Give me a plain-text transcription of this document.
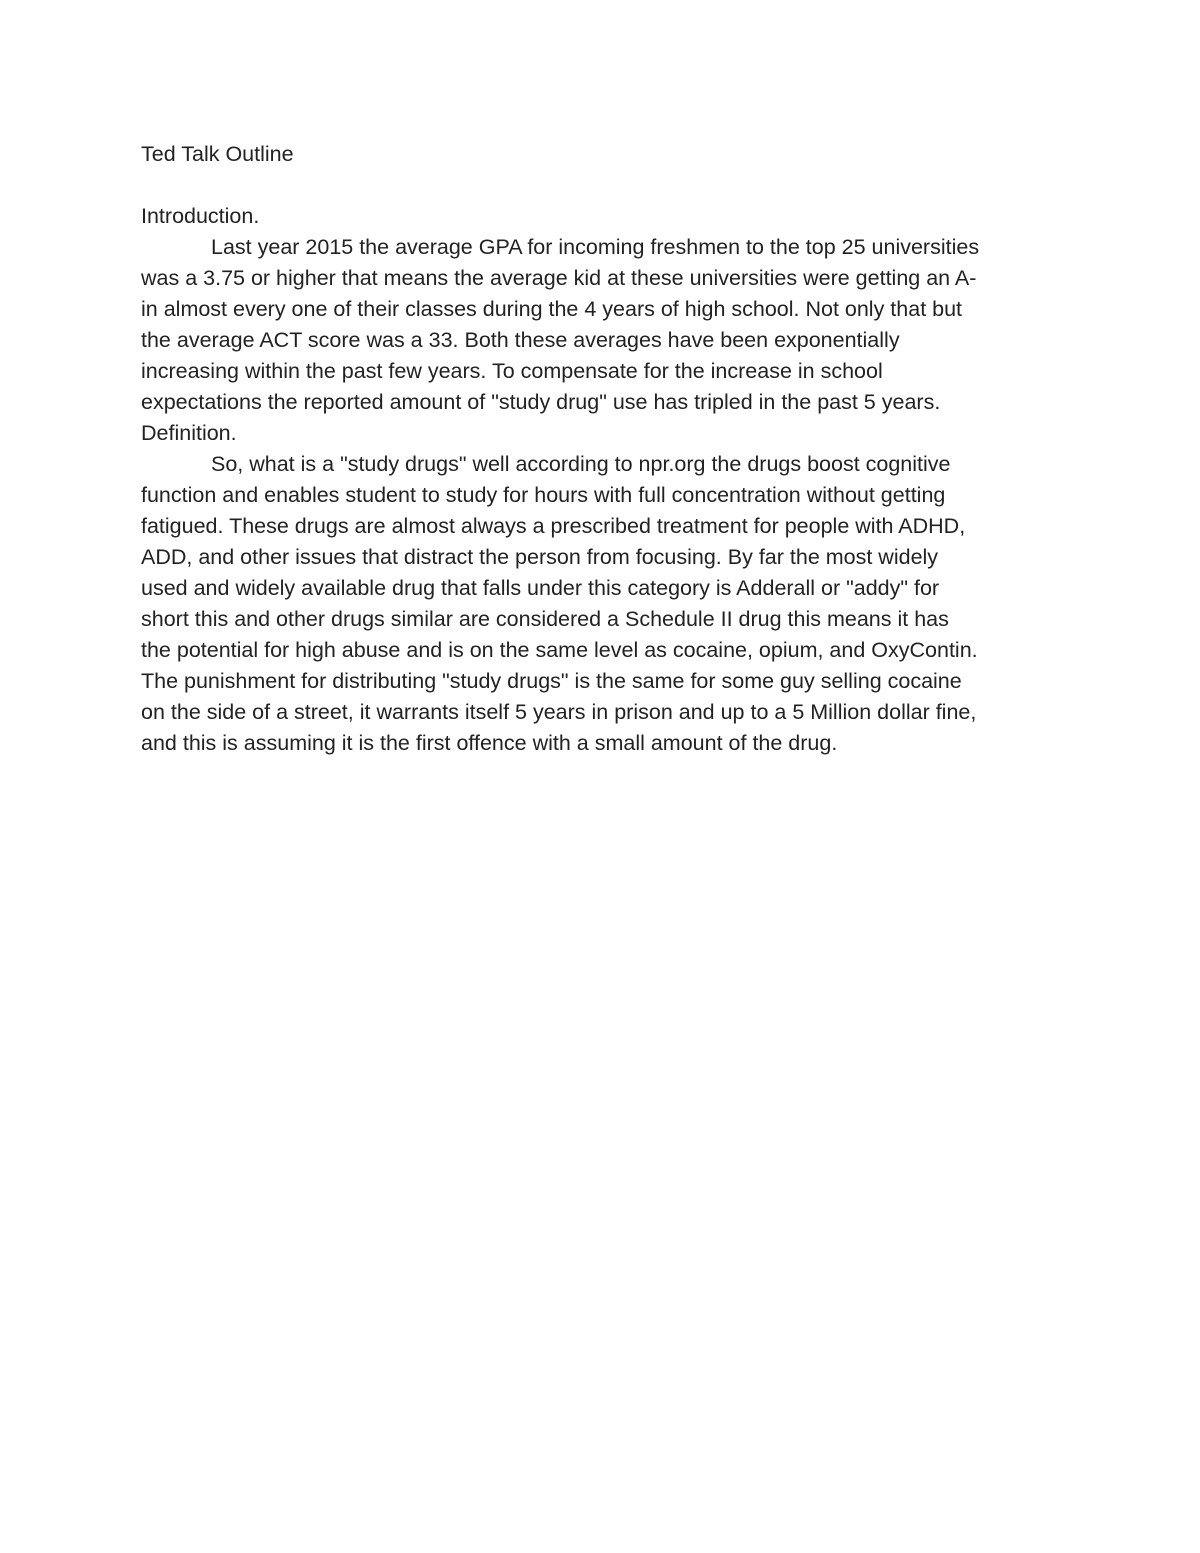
Ted Talk Outline
Introduction.
Last year 2015 the average GPA for incoming freshmen to the top 25 universities
was a 3.75 or higher that means the average kid at these universities were getting an A-
in almost every one of their classes during the 4 years of high school. Not only that but
the average ACT score was a 33. Both these averages have been exponentially
increasing within the past few years. To compensate for the increase in school
expectations the reported amount of "study drug" use has tripled in the past 5 years.
Definition.
So, what is a "study drugs" well according to npr.org the drugs boost cognitive
function and enables student to study for hours with full concentration without getting
fatigued. These drugs are almost always a prescribed treatment for people with ADHD,
ADD, and other issues that distract the person from focusing. By far the most widely
used and widely available drug that falls under this category is Adderall or "addy" for
short this and other drugs similar are considered a Schedule II drug this means it has
the potential for high abuse and is on the same level as cocaine, opium, and OxyContin.
The punishment for distributing "study drugs" is the same for some guy selling cocaine
on the side of a street, it warrants itself 5 years in prison and up to a 5 Million dollar fine,
and this is assuming it is the first offence with a small amount of the drug.
